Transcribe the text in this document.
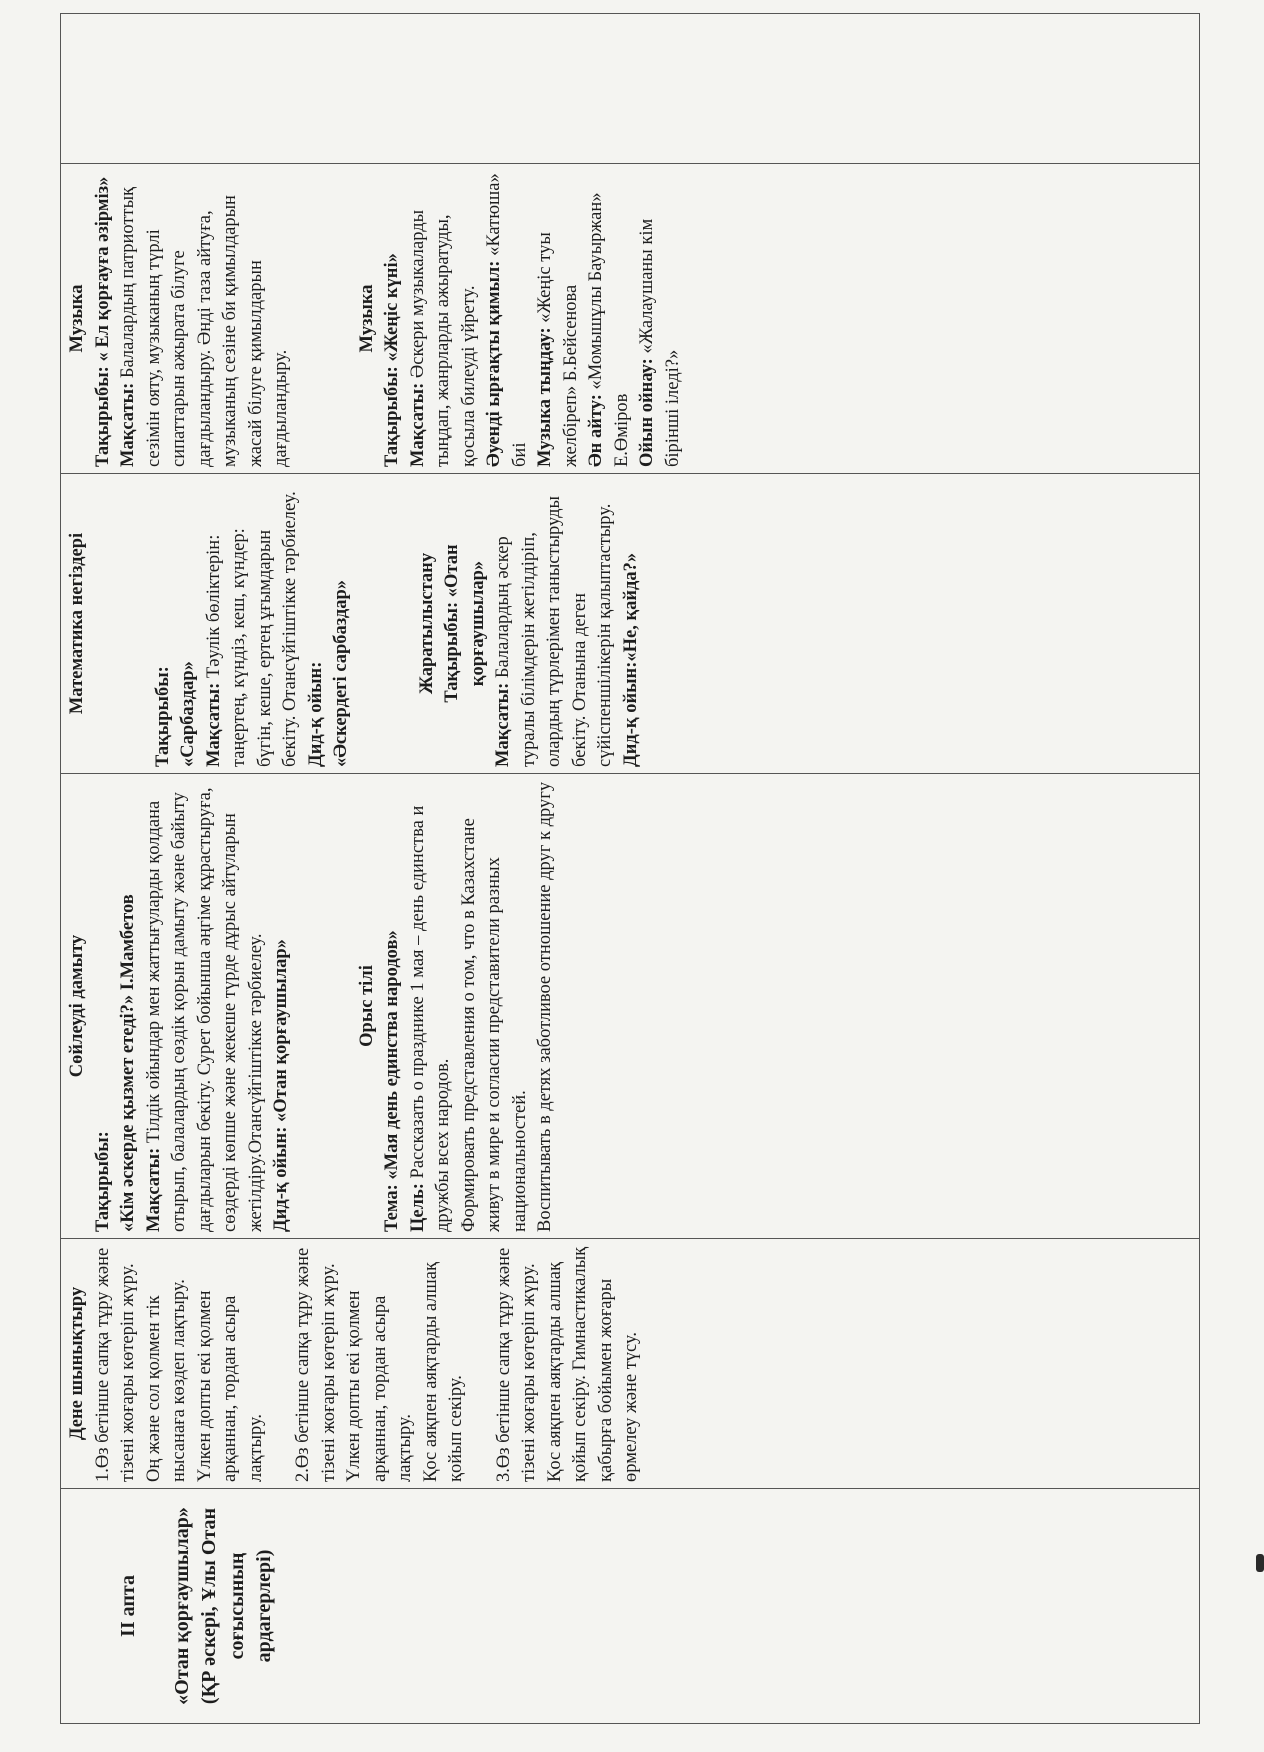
ІІ апта «Отан қорғаушылар» (ҚР әскері, Ұлы Отан соғысының ардагерлері)

Дене шынықтыру 1.Өз бетінше сапқа тұру және тізені жоғары көтеріп жүру. Оң және сол қолмен тік нысанаға көздеп лақтыру. Үлкен допты екі қолмен арқаннан, тордан асыра лақтыру. 2.Өз бетінше сапқа тұру және тізені жоғары көтеріп жүру. Үлкен допты екі қолмен арқаннан, тордан асыра лақтыру. Қос аяқпен аяқтарды алшақ қойып секіру. 3.Өз бетінше сапқа тұру және тізені жоғары көтеріп жүру. Қос аяқпен аяқтарды алшақ қойып секіру. Гимнастикалық қабырға бойымен жоғары өрмелеу және түсу.

Сөйлеуді дамыту
Тақырыбы: «Кім әскерде қызмет етеді?» І.Мамбетов Мақсаты: Тілдік ойындар мен жаттығуларды қолдана отырып, балалардың сөздік қорын дамыту және байыту дағдыларын бекіту. Сурет бойынша әңгіме құрастыруға, сөздерді көпше және жекеше түрде дұрыс айтуларын жетілдіру.Отансүйгіштікке тәрбиелеу. Дид-қ ойын: «Отан қорғаушылар»	Орыс тілі
Тема: «Мая день единства народов»
Цель: Рассказать о празднике 1 мая – день единства и дружбы всех народов. Формировать представления о том, что в Казахстане живут в мире и согласии представители разных национальностей. Воспитывать в детях заботливое отношение друг к другу

Математика негіздері
Тақырыбы: «Сарбаздар» Мақсаты: Тәулік бөліктерін: таңертең, күндіз, кеш, күндер: бүгін, кеше, ертең ұғымдарын бекіту. Отансүйгіштікке тәрбиелеу. Дид-қ ойын: «Әскердегі сарбаздар»	Жаратылыстану Тақырыбы: «Отан қорғаушылар»
Мақсаты: Балалардың әскер туралы білімдерін жетілдіріп, олардың түрлерімен таныстыруды бекіту. Отанына деген сүйіспеншілікерін қалыптастыру. Дид-қ ойын:«Не, қайда?»

Музыка
Тақырыбы: « Ел қорғауға әзірміз»
Мақсаты: Балалардың патриоттық сезімін ояту, музыканың түрлі сипаттарын ажырата білуге дағдыландыру. Әнді таза айтуға, музыканың сезіне би қимылдарын жасай білуге қимылдарын дағдыландыру.
Музыка
Тақырыбы: «Жеңіс күні»
Мақсаты: Әскери музыкаларды тыңдап, жанрларды ажыратуды, қосыла билеуді үйрету. Әуенді ырғақты қимыл: «Катюша» биі Музыка тыңдау: «Жеңіс туы желбіреп» Б.Бейсенова Ән айту: «Момышұлы Бауыржан» Е.Өміров Ойын ойнау: «Жалаушаны кім бірінші іледі?»
